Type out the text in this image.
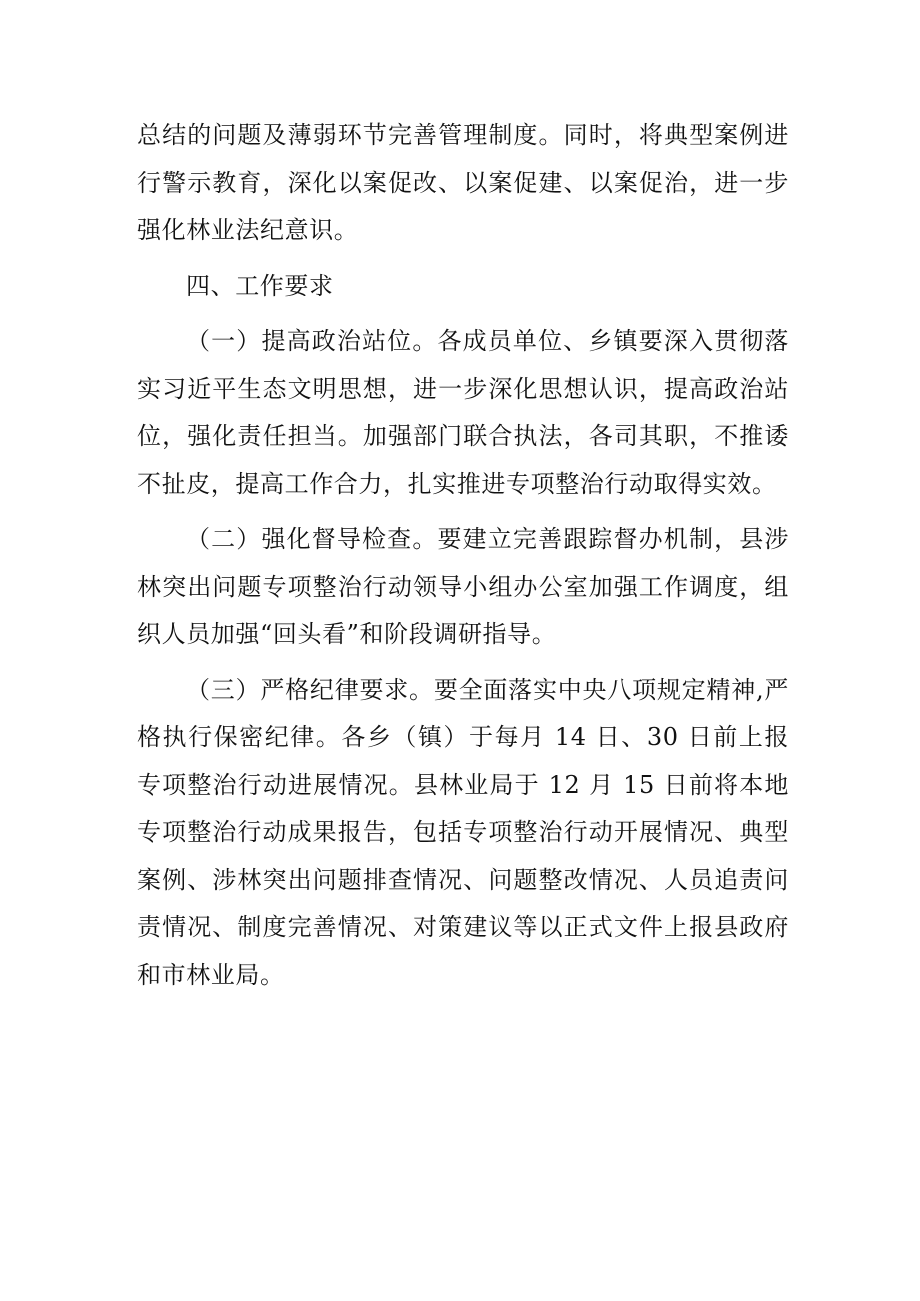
总结的问题及薄弱环节完善管理制度。同时，将典型案例进行警示教育，深化以案促改、以案促建、以案促治，进一步强化林业法纪意识。

四、工作要求

（一）提高政治站位。各成员单位、乡镇要深入贯彻落实习近平生态文明思想，进一步深化思想认识，提高政治站位，强化责任担当。加强部门联合执法，各司其职，不推诿不扯皮，提高工作合力，扎实推进专项整治行动取得实效。

（二）强化督导检查。要建立完善跟踪督办机制，县涉林突出问题专项整治行动领导小组办公室加强工作调度，组织人员加强“回头看”和阶段调研指导。

（三）严格纪律要求。要全面落实中央八项规定精神,严格执行保密纪律。各乡（镇）于每月 14 日、30 日前上报专项整治行动进展情况。县林业局于 12 月 15 日前将本地专项整治行动成果报告，包括专项整治行动开展情况、典型案例、涉林突出问题排查情况、问题整改情况、人员追责问责情况、制度完善情况、对策建议等以正式文件上报县政府和市林业局。
